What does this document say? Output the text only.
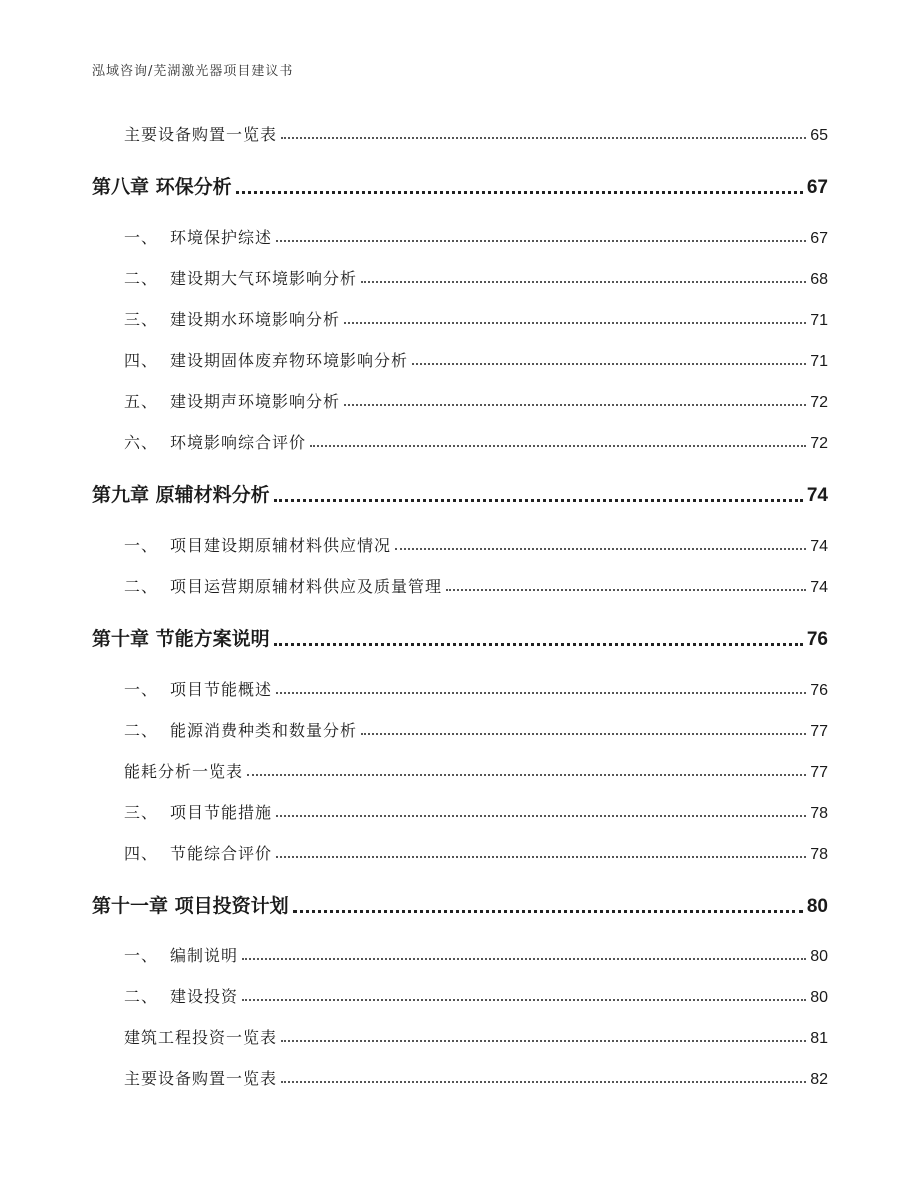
泓域咨询/芜湖激光器项目建议书
主要设备购置一览表	65
第八章 环保分析	67
一、 环境保护综述	67
二、 建设期大气环境影响分析	68
三、 建设期水环境影响分析	71
四、 建设期固体废弃物环境影响分析	71
五、 建设期声环境影响分析	72
六、 环境影响综合评价	72
第九章 原辅材料分析	74
一、 项目建设期原辅材料供应情况	74
二、 项目运营期原辅材料供应及质量管理	74
第十章 节能方案说明	76
一、 项目节能概述	76
二、 能源消费种类和数量分析	77
能耗分析一览表	77
三、 项目节能措施	78
四、 节能综合评价	78
第十一章 项目投资计划	80
一、 编制说明	80
二、 建设投资	80
建筑工程投资一览表	81
主要设备购置一览表	82
